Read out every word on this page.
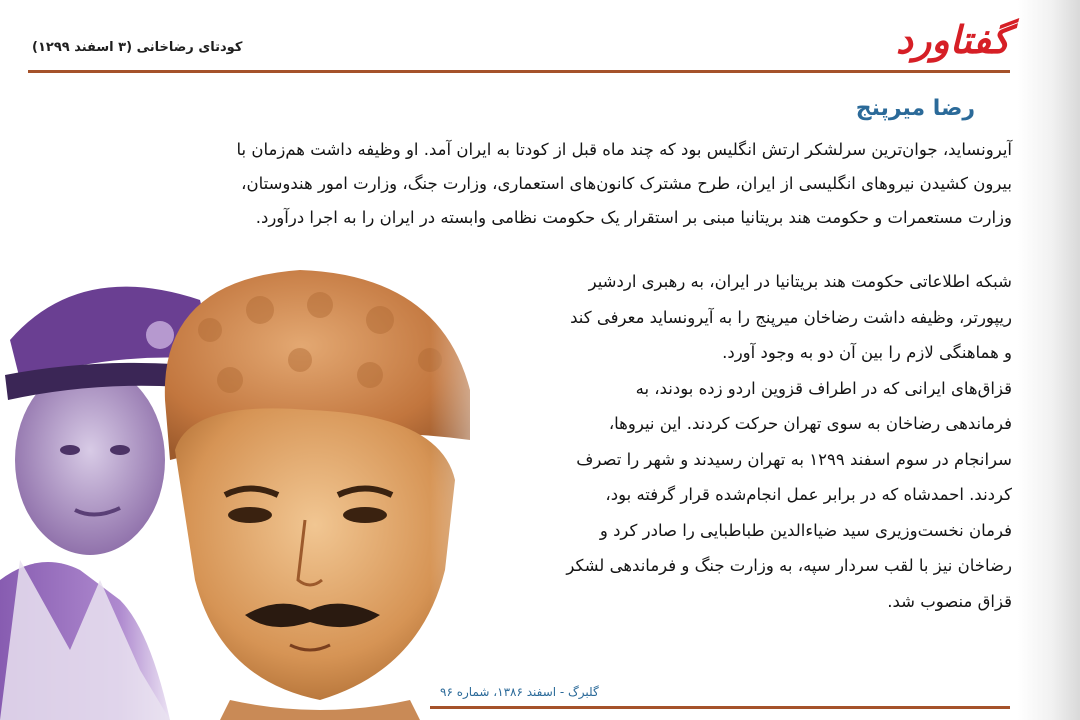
کودتای رضاخانی (۳ اسفند ۱۲۹۹)	گفتاورد
رضا میرپنج
آیرونساید، جوان‌ترین سرلشکر ارتش انگلیس بود که چند ماه قبل از کودتا به ایران آمد. او وظیفه داشت هم‌زمان با
بیرون کشیدن نیروهای انگلیسی از ایران، طرح مشترک کانون‌های استعماری، وزارت جنگ، وزارت امور هندوستان،
وزارت مستعمرات و حکومت هند بریتانیا مبنی بر استقرار یک حکومت نظامی وابسته در ایران را به اجرا درآورد.
شبکه اطلاعاتی حکومت هند بریتانیا در ایران، به رهبری اردشیر
ریپورتر، وظیفه داشت رضاخان میرپنج را به آیرونساید معرفی کند
و هماهنگی لازم را بین آن دو به وجود آورد.
قزاق‌های ایرانی که در اطراف قزوین اردو زده بودند، به
فرماندهی رضاخان به سوی تهران حرکت کردند. این نیروها،
سرانجام در سوم اسفند ۱۲۹۹ به تهران رسیدند و شهر را تصرف
کردند. احمدشاه که در برابر عمل انجام‌شده قرار گرفته بود،
فرمان نخست‌وزیری سید ضیاءالدین طباطبایی را صادر کرد و
رضاخان نیز با لقب سردار سپه، به وزارت جنگ و فرماندهی لشکر
قزاق منصوب شد.
گلبرگ - اسفند ۱۳۸۶، شماره ۹۶
